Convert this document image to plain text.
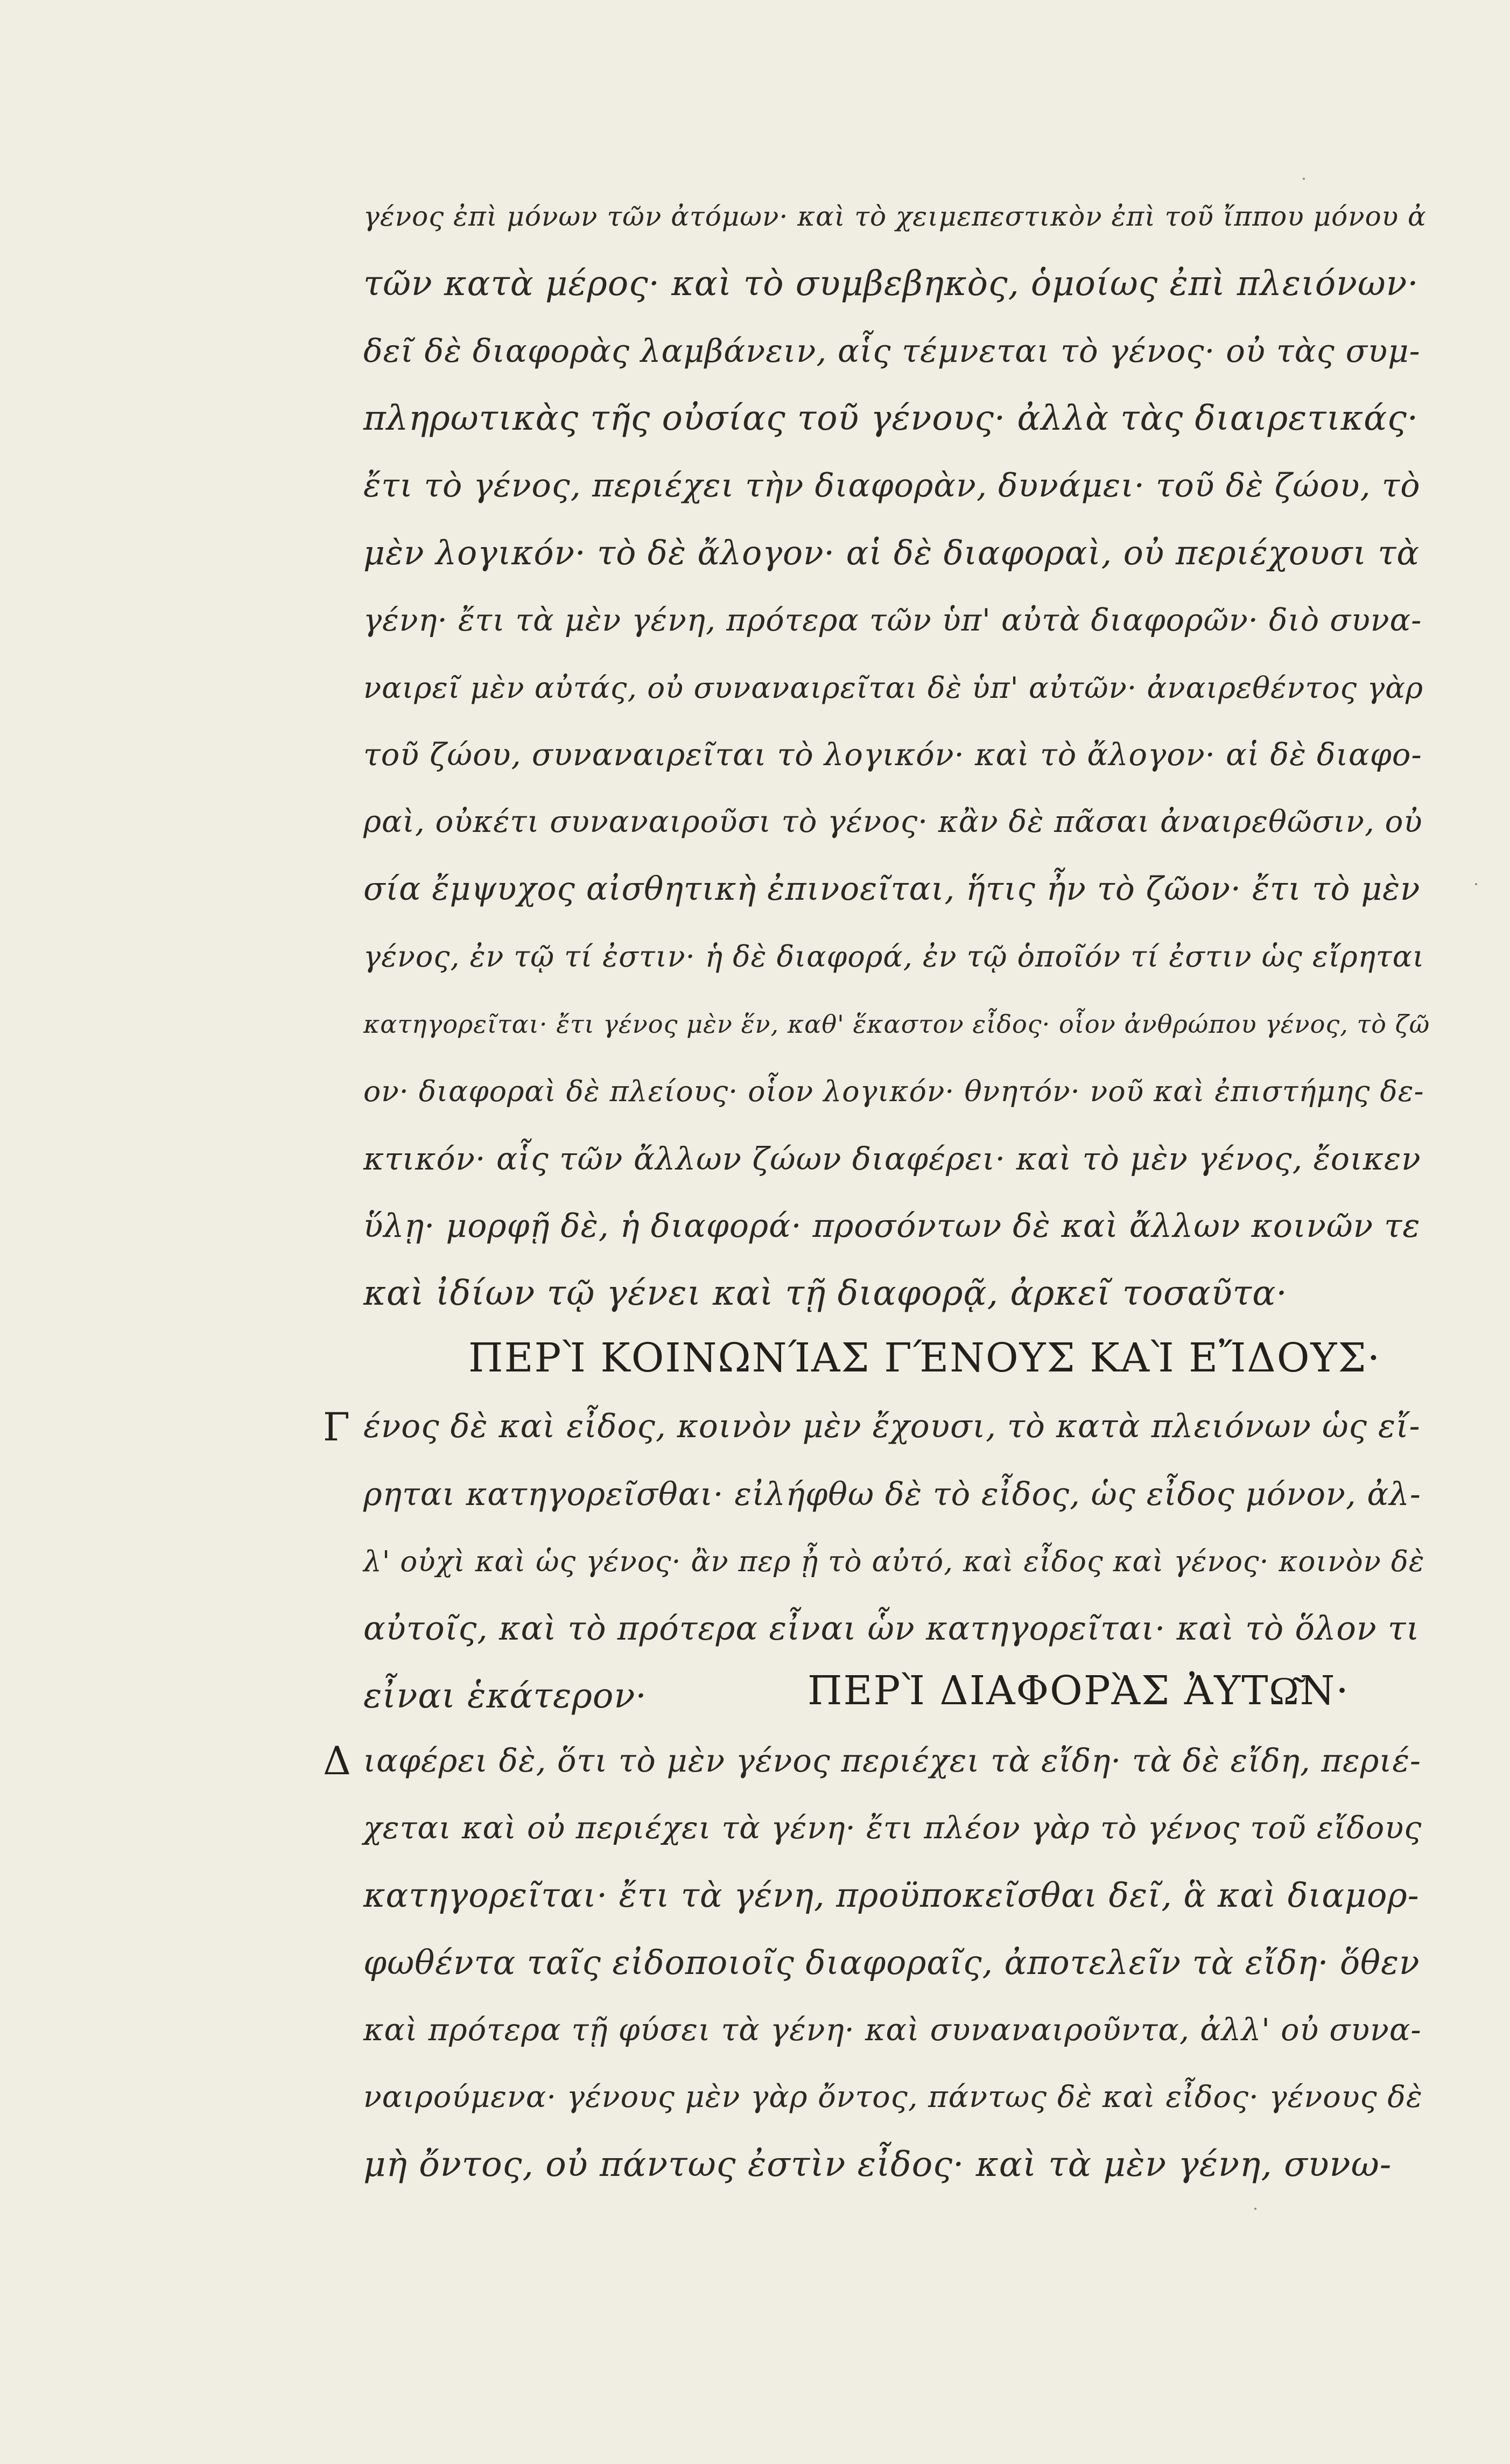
γένος ἐπὶ μόνων τῶν ἀτόμων· καὶ τὸ χειμεπεστικὸν ἐπὶ τοῦ ἴππου μόνου ἀ
τῶν κατὰ μέρος· καὶ τὸ συμβεβηκὸς, ὁμοίως ἐπὶ πλειόνων·
δεῖ δὲ διαφορὰς λαμβάνειν, αἷς τέμνεται τὸ γένος· οὐ τὰς συμ-
πληρωτικὰς τῆς οὐσίας τοῦ γένους· ἀλλὰ τὰς διαιρετικάς·
ἔτι τὸ γένος, περιέχει τὴν διαφορὰν, δυνάμει· τοῦ δὲ ζώου, τὸ
μὲν λογικόν· τὸ δὲ ἄλογον· αἱ δὲ διαφοραὶ, οὐ περιέχουσι τὰ
γένη· ἔτι τὰ μὲν γένη, πρότερα τῶν ὑπ' αὐτὰ διαφορῶν· διὸ συνα-
ναιρεῖ μὲν αὐτάς, οὐ συναναιρεῖται δὲ ὑπ' αὐτῶν· ἀναιρεθέντος γὰρ
τοῦ ζώου, συναναιρεῖται τὸ λογικόν· καὶ τὸ ἄλογον· αἱ δὲ διαφο-
ραὶ, οὐκέτι συναναιροῦσι τὸ γένος· κἂν δὲ πᾶσαι ἀναιρεθῶσιν, οὐ
σία ἔμψυχος αἰσθητικὴ ἐπινοεῖται, ἥτις ἦν τὸ ζῶον· ἔτι τὸ μὲν
γένος, ἐν τῷ τί ἐστιν· ἡ δὲ διαφορά, ἐν τῷ ὁποῖόν τί ἐστιν ὡς εἴρηται
κατηγορεῖται· ἔτι γένος μὲν ἕν, καθ' ἕκαστον εἶδος· οἷον ἀνθρώπου γένος, τὸ ζῶ
ον· διαφοραὶ δὲ πλείους· οἷον λογικόν· θνητόν· νοῦ καὶ ἐπιστήμης δε-
κτικόν· αἷς τῶν ἄλλων ζώων διαφέρει· καὶ τὸ μὲν γένος, ἔοικεν
ὕλῃ· μορφῇ δὲ, ἡ διαφορά· προσόντων δὲ καὶ ἄλλων κοινῶν τε
καὶ ἰδίων τῷ γένει καὶ τῇ διαφορᾷ, ἀρκεῖ τοσαῦτα·
ΠΕΡῚ ΚΟΙΝΩΝΊΑΣ ΓΈΝΟΥΣ ΚΑῚ ΕἼΔΟΥΣ·
Γ ένος δὲ καὶ εἶδος, κοινὸν μὲν ἔχουσι, τὸ κατὰ πλειόνων ὡς εἴ-
ρηται κατηγορεῖσθαι· εἰλήφθω δὲ τὸ εἶδος, ὡς εἶδος μόνον, ἀλ-
λ' οὐχὶ καὶ ὡς γένος· ἂν περ ᾖ τὸ αὐτό, καὶ εἶδος καὶ γένος· κοινὸν δὲ
αὐτοῖς, καὶ τὸ πρότερα εἶναι ὧν κατηγορεῖται· καὶ τὸ ὅλον τι
εἶναι ἑκάτερον·	ΠΕΡῚ ΔΙΑΦΟΡᾺΣ ἈΥΤΩ͂Ν·
Δ ιαφέρει δὲ, ὅτι τὸ μὲν γένος περιέχει τὰ εἴδη· τὰ δὲ εἴδη, περιέ-
χεται καὶ οὐ περιέχει τὰ γένη· ἔτι πλέον γὰρ τὸ γένος τοῦ εἴδους
κατηγορεῖται· ἔτι τὰ γένη, προϋποκεῖσθαι δεῖ, ἃ καὶ διαμορ-
φωθέντα ταῖς εἰδοποιοῖς διαφοραῖς, ἀποτελεῖν τὰ εἴδη· ὅθεν
καὶ πρότερα τῇ φύσει τὰ γένη· καὶ συναναιροῦντα, ἀλλ' οὐ συνα-
ναιρούμενα· γένους μὲν γὰρ ὄντος, πάντως δὲ καὶ εἶδος· γένους δὲ
μὴ ὄντος, οὐ πάντως ἐστὶν εἶδος· καὶ τὰ μὲν γένη, συνω-
